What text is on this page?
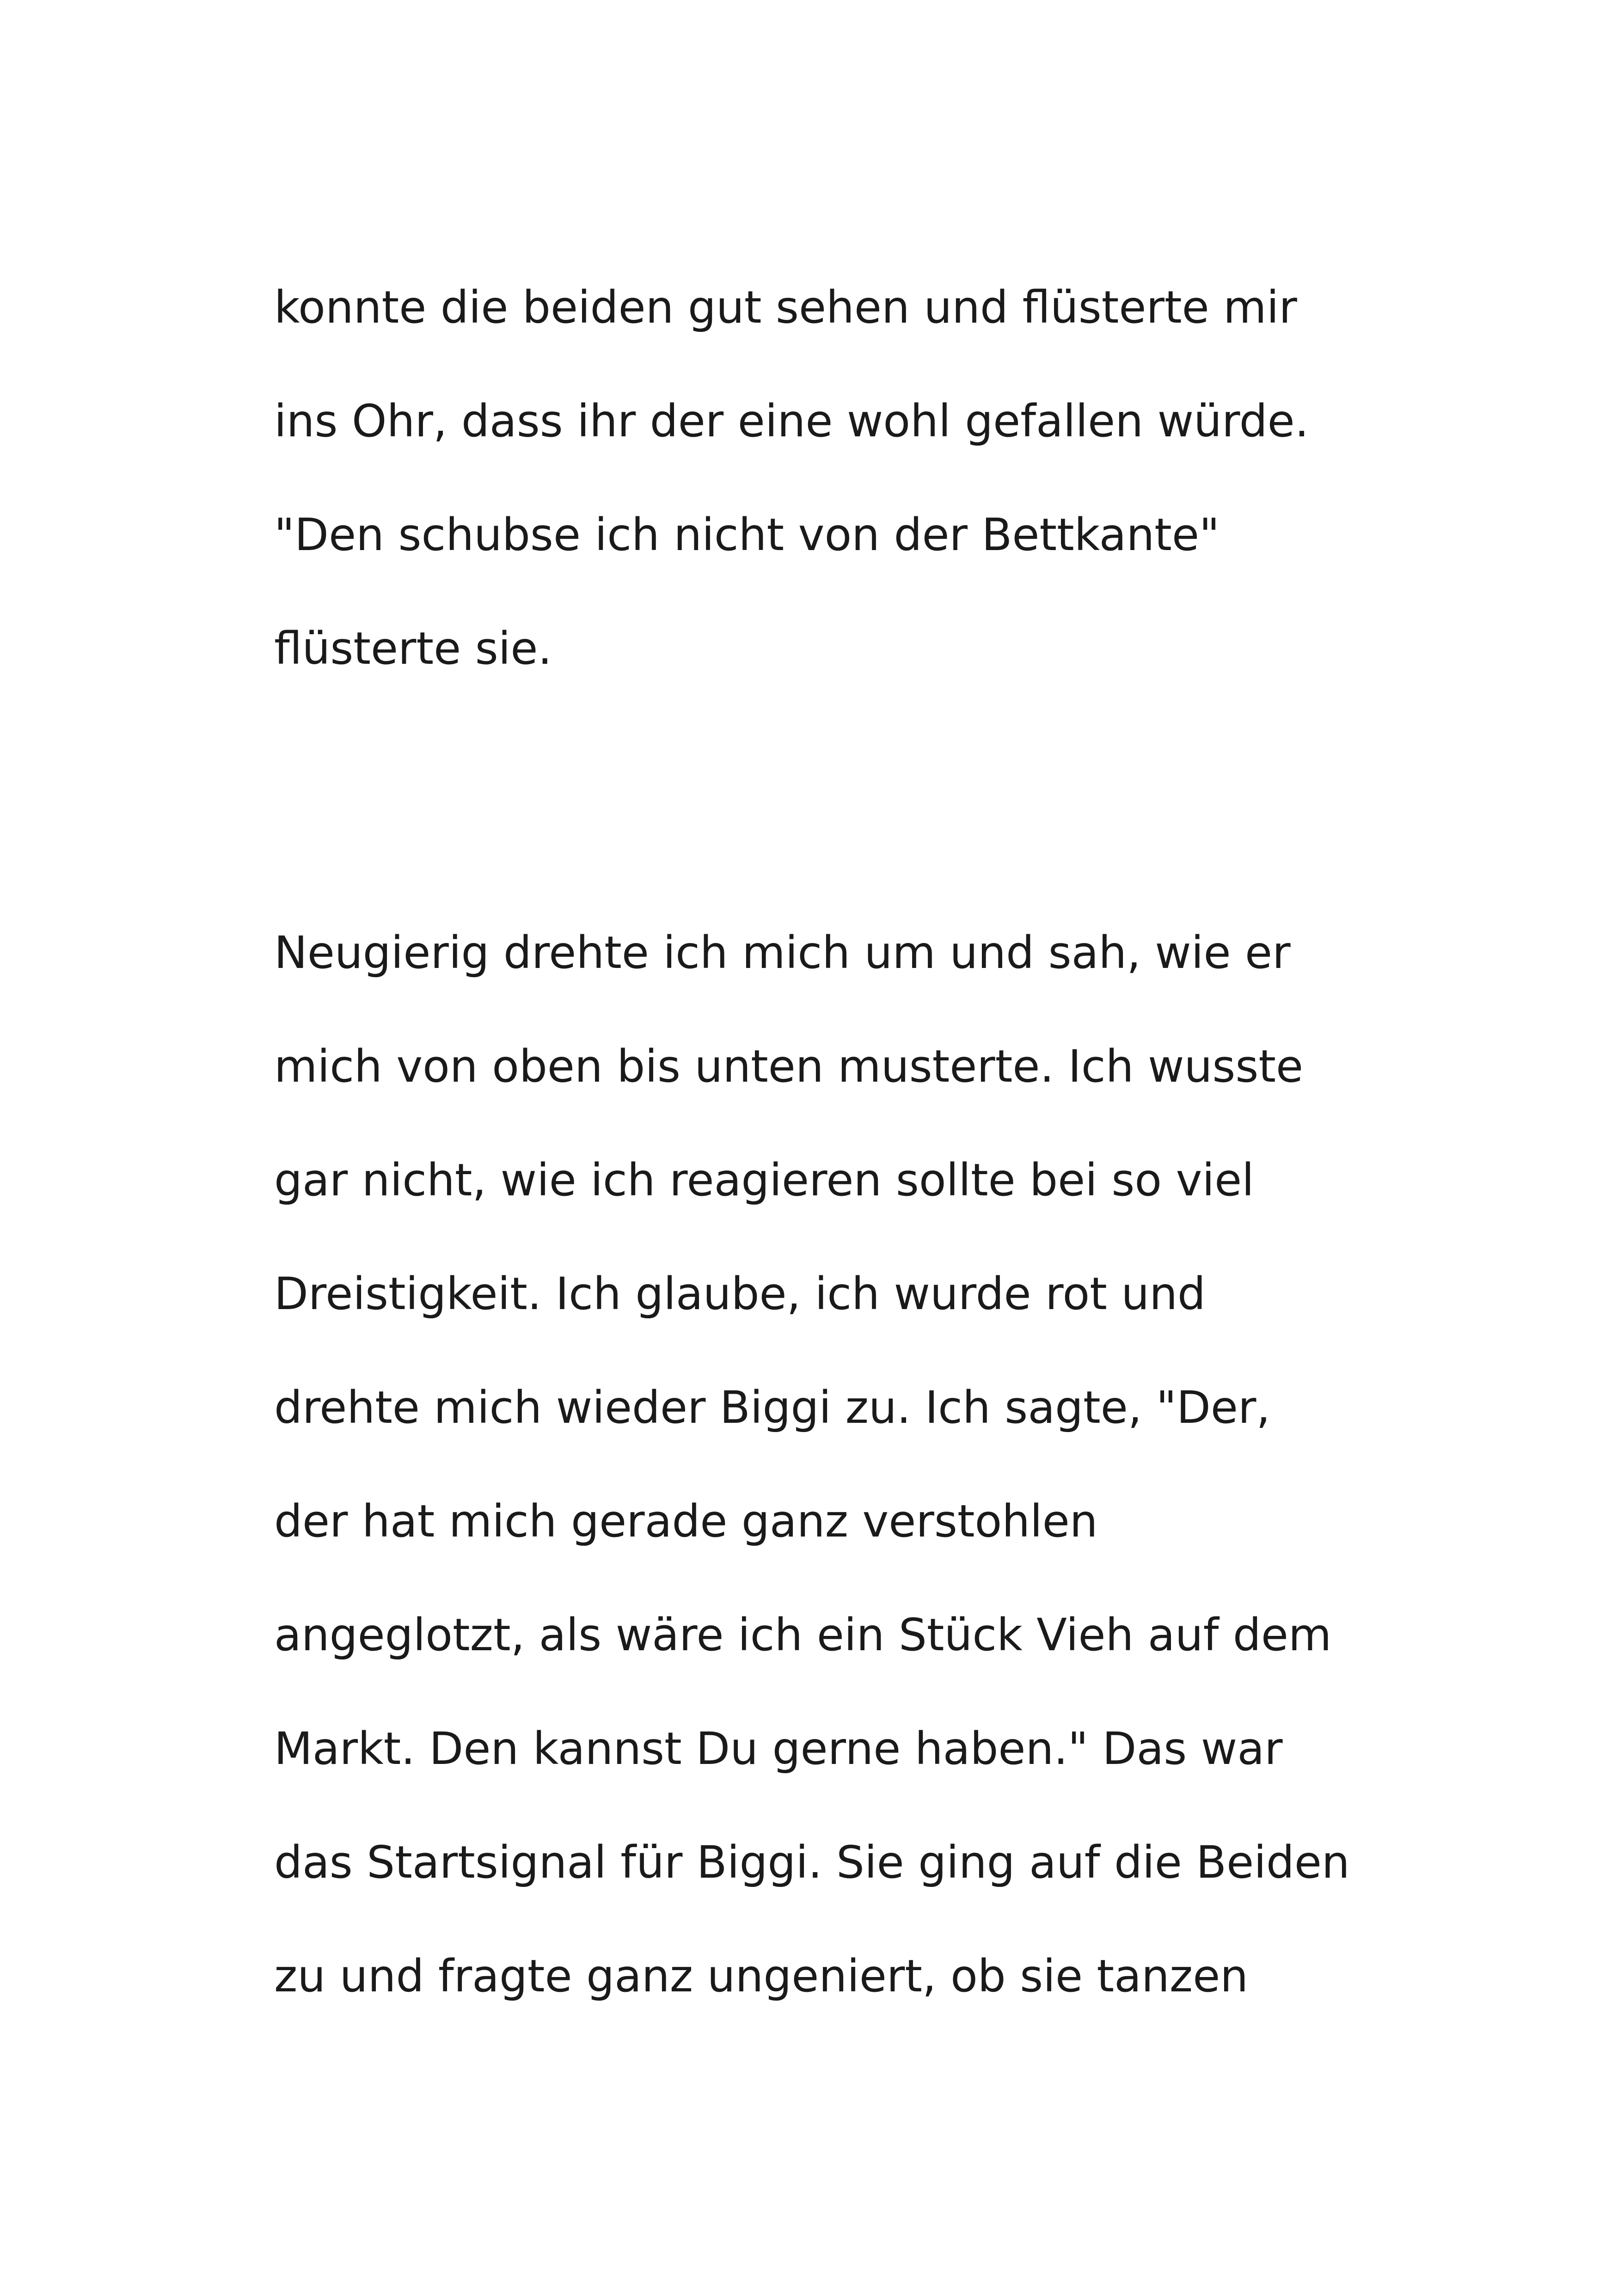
konnte die beiden gut sehen und flüsterte mir
ins Ohr, dass ihr der eine wohl gefallen würde.
"Den schubse ich nicht von der Bettkante"
flüsterte sie.

Neugierig drehte ich mich um und sah, wie er
mich von oben bis unten musterte. Ich wusste
gar nicht, wie ich reagieren sollte bei so viel
Dreistigkeit. Ich glaube, ich wurde rot und
drehte mich wieder Biggi zu. Ich sagte, "Der,
der hat mich gerade ganz verstohlen
angeglotzt, als wäre ich ein Stück Vieh auf dem
Markt. Den kannst Du gerne haben." Das war
das Startsignal für Biggi. Sie ging auf die Beiden
zu und fragte ganz ungeniert, ob sie tanzen
